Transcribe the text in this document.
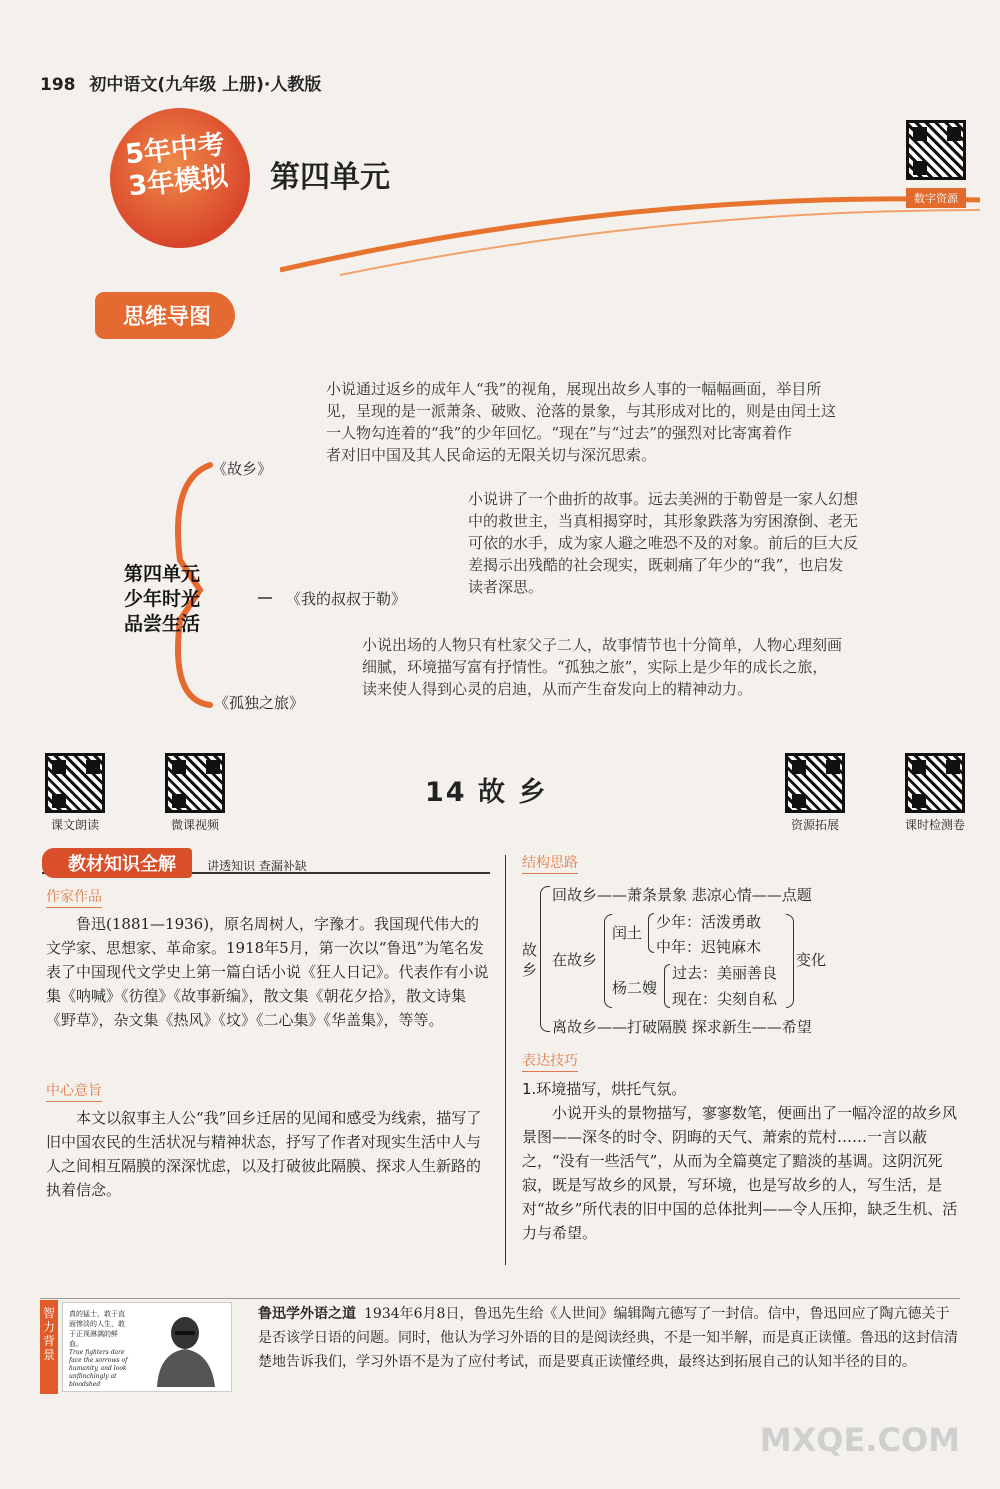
198 初中语文(九年级 上册)·人教版
5年中考
3年模拟	第四单元
数字资源
思维导图
第四单元
少年时光
品尝生活
《故乡》
小说通过返乡的成年人“我”的视角，展现出故乡人事的一幅幅画面，举目所
见，呈现的是一派萧条、破败、沧落的景象，与其形成对比的，则是由闰土这
一人物勾连着的“我”的少年回忆。“现在”与“过去”的强烈对比寄寓着作
者对旧中国及其人民命运的无限关切与深沉思索。
《我的叔叔于勒》
小说讲了一个曲折的故事。远去美洲的于勒曾是一家人幻想
中的救世主，当真相揭穿时，其形象跌落为穷困潦倒、老无
可依的水手，成为家人避之唯恐不及的对象。前后的巨大反
差揭示出残酷的社会现实，既刺痛了年少的“我”，也启发
读者深思。
《孤独之旅》
小说出场的人物只有杜家父子二人，故事情节也十分简单，人物心理刻画
细腻，环境描写富有抒情性。“孤独之旅”，实际上是少年的成长之旅，
读来使人得到心灵的启迪，从而产生奋发向上的精神动力。
课文朗读	微课视频	资源拓展	课时检测卷
14 故 乡
教材知识全解	讲透知识 查漏补缺
作家作品

鲁迅(1881—1936)，原名周树人，字豫才。我国现代伟大的文学家、思想家、革命家。1918年5月，第一次以“鲁迅”为笔名发表了中国现代文学史上第一篇白话小说《狂人日记》。代表作有小说集《呐喊》《彷徨》《故事新编》，散文集《朝花夕拾》，散文诗集《野草》，杂文集《热风》《坟》《二心集》《华盖集》，等等。

中心意旨

本文以叙事主人公“我”回乡迁居的见闻和感受为线索，描写了旧中国农民的生活状况与精神状态，抒写了作者对现实生活中人与人之间相互隔膜的深深忧虑，以及打破彼此隔膜、探求人生新路的执着信念。

结构思路
故乡
回故乡——萧条景象 悲凉心情——点题
在故乡
闰土
少年：活泼勇敢
中年：迟钝麻木
杨二嫂
过去：美丽善良
现在：尖刻自私
变化
离故乡——打破隔膜 探求新生——希望
表达技巧
1.环境描写，烘托气氛。

小说开头的景物描写，寥寥数笔，便画出了一幅冷涩的故乡风景图——深冬的时令、阴晦的天气、萧索的荒村……一言以蔽之，“没有一些活气”，从而为全篇奠定了黯淡的基调。这阴沉死寂，既是写故乡的风景，写环境，也是写故乡的人，写生活，是对“故乡”所代表的旧中国的总体批判——令人压抑，缺乏生机、活力与希望。

智力背景
真的猛士，敢于直面惨淡的人生，敢于正视淋漓的鲜血。
True fighters dare face the sorrows of humanity, and look unflinchingly at bloodshed
鲁迅学外语之道 1934年6月8日，鲁迅先生给《人世间》编辑陶亢德写了一封信。信中，鲁迅回应了陶亢德关于是否该学日语的问题。同时，他认为学习外语的目的是阅读经典，不是一知半解，而是真正读懂。鲁迅的这封信清楚地告诉我们，学习外语不是为了应付考试，而是要真正读懂经典，最终达到拓展自己的认知半径的目的。
MXQE.COM
